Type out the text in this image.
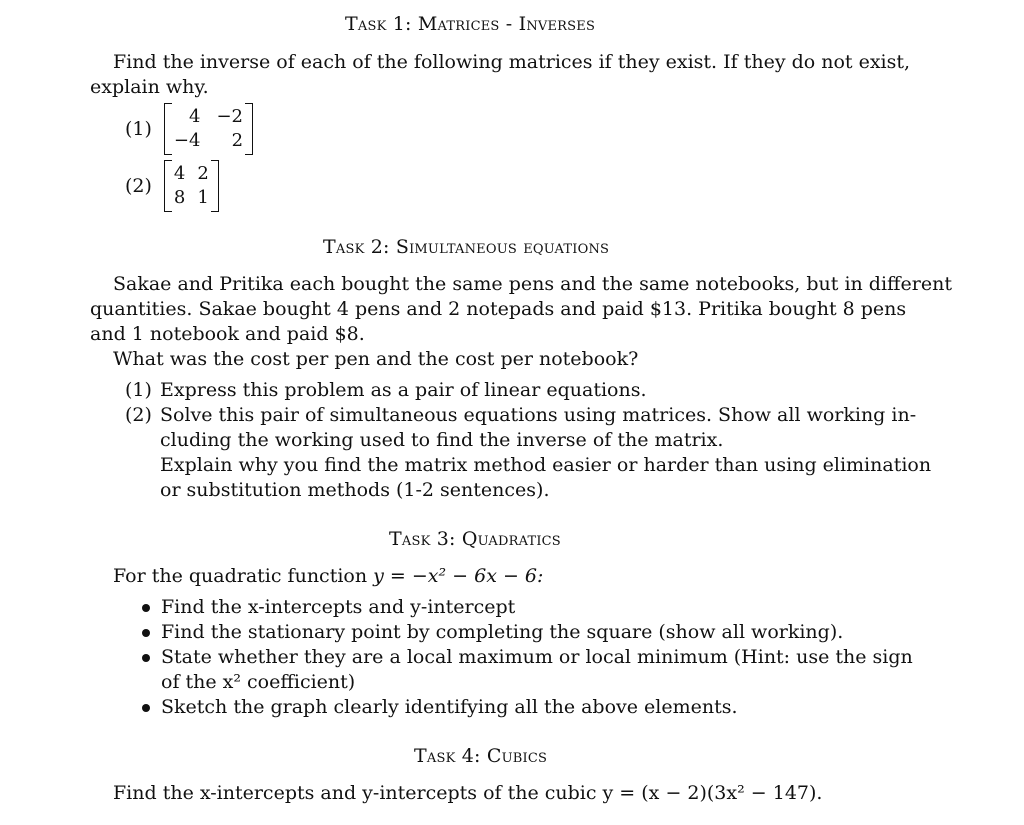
Task 1: Matrices - Inverses
Find the inverse of each of the following matrices if they exist. If they do not exist,
explain why.
(1)
4 −2
−4	2
(2)
4 2
8 1
Task 2: Simultaneous equations
Sakae and Pritika each bought the same pens and the same notebooks, but in different
quantities. Sakae bought 4 pens and 2 notepads and paid $13. Pritika bought 8 pens
and 1 notebook and paid $8.
What was the cost per pen and the cost per notebook?
(1) Express this problem as a pair of linear equations.
(2) Solve this pair of simultaneous equations using matrices. Show all working in-
cluding the working used to find the inverse of the matrix.
Explain why you find the matrix method easier or harder than using elimination
or substitution methods (1-2 sentences).
Task 3: Quadratics
For the quadratic function y = −x² − 6x − 6:
Find the x-intercepts and y-intercept
Find the stationary point by completing the square (show all working).
State whether they are a local maximum or local minimum (Hint: use the sign
of the x² coefficient)
Sketch the graph clearly identifying all the above elements.
Task 4: Cubics
Find the x-intercepts and y-intercepts of the cubic y = (x − 2)(3x² − 147).
